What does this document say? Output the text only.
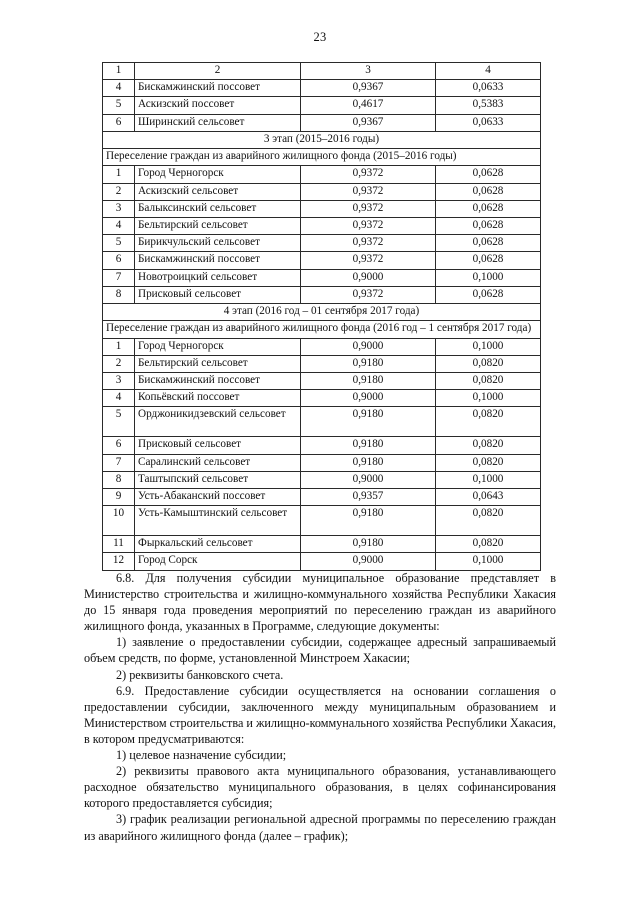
23
1	2	3	4
4	Бискамжинский поссовет	0,9367	0,0633
5	Аскизский поссовет	0,4617	0,5383
6	Ширинский сельсовет	0,9367	0,0633
3 этап (2015–2016 годы)			
Переселение граждан из аварийного жилищного фонда (2015–2016 годы)			
1	Город Черногорск	0,9372	0,0628
2	Аскизский сельсовет	0,9372	0,0628
3	Балыксинский сельсовет	0,9372	0,0628
4	Бельтирский сельсовет	0,9372	0,0628
5	Бирикчульский сельсовет	0,9372	0,0628
6	Бискамжинский поссовет	0,9372	0,0628
7	Новотроицкий сельсовет	0,9000	0,1000
8	Присковый сельсовет	0,9372	0,0628
4 этап (2016 год – 01 сентября 2017 года)			
Переселение граждан из аварийного жилищного фонда (2016 год – 1 сентября 2017 года)			
1	Город Черногорск	0,9000	0,1000
2	Бельтирский сельсовет	0,9180	0,0820
3	Бискамжинский поссовет	0,9180	0,0820
4	Копьёвский поссовет	0,9000	0,1000
5	Орджоникидзевский сельсовет	0,9180	0,0820
6	Присковый сельсовет	0,9180	0,0820
7	Саралинский сельсовет	0,9180	0,0820
8	Таштыпский сельсовет	0,9000	0,1000
9	Усть-Абаканский поссовет	0,9357	0,0643
10	Усть-Камыштинский сельсовет	0,9180	0,0820
11	Фыркальский сельсовет	0,9180	0,0820
12	Город Сорск	0,9000	0,1000

6.8. Для получения субсидии муниципальное образование представляет в Министерство строительства и жилищно-коммунального хозяйства Республики Хакасия до 15 января года проведения мероприятий по переселению граждан из аварийного жилищного фонда, указанных в Программе, следующие документы:

1) заявление о предоставлении субсидии, содержащее адресный запрашиваемый объем средств, по форме, установленной Минстроем Хакасии;

2) реквизиты банковского счета.

6.9. Предоставление субсидии осуществляется на основании соглашения о предоставлении субсидии, заключенного между муниципальным образованием и Министерством строительства и жилищно-коммунального хозяйства Республики Хакасия, в котором предусматриваются:

1) целевое назначение субсидии;

2) реквизиты правового акта муниципального образования, устанавливающего расходное обязательство муниципального образования, в целях софинансирования которого предоставляется субсидия;

3) график реализации региональной адресной программы по переселению граждан из аварийного жилищного фонда (далее – график);
